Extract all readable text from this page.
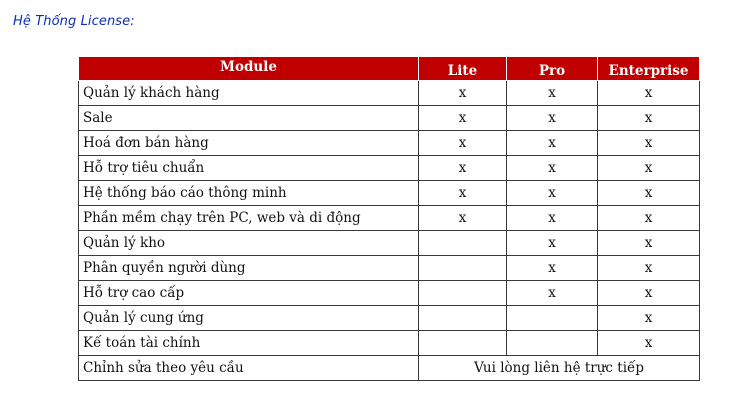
Hệ Thống License:
Module	Lite	Pro	Enterprise
Quản lý khách hàng	x	x	x
Sale	x	x	x
Hoá đơn bán hàng	x	x	x
Hỗ trợ tiêu chuẩn	x	x	x
Hệ thống báo cáo thông minh	x	x	x
Phần mềm chạy trên PC, web và di động	x	x	x
Quản lý kho		x	x
Phân quyền người dùng		x	x
Hỗ trợ cao cấp		x	x
Quản lý cung ứng			x
Kế toán tài chính			x
Chỉnh sửa theo yêu cầu	Vui lòng liên hệ trực tiếp		
